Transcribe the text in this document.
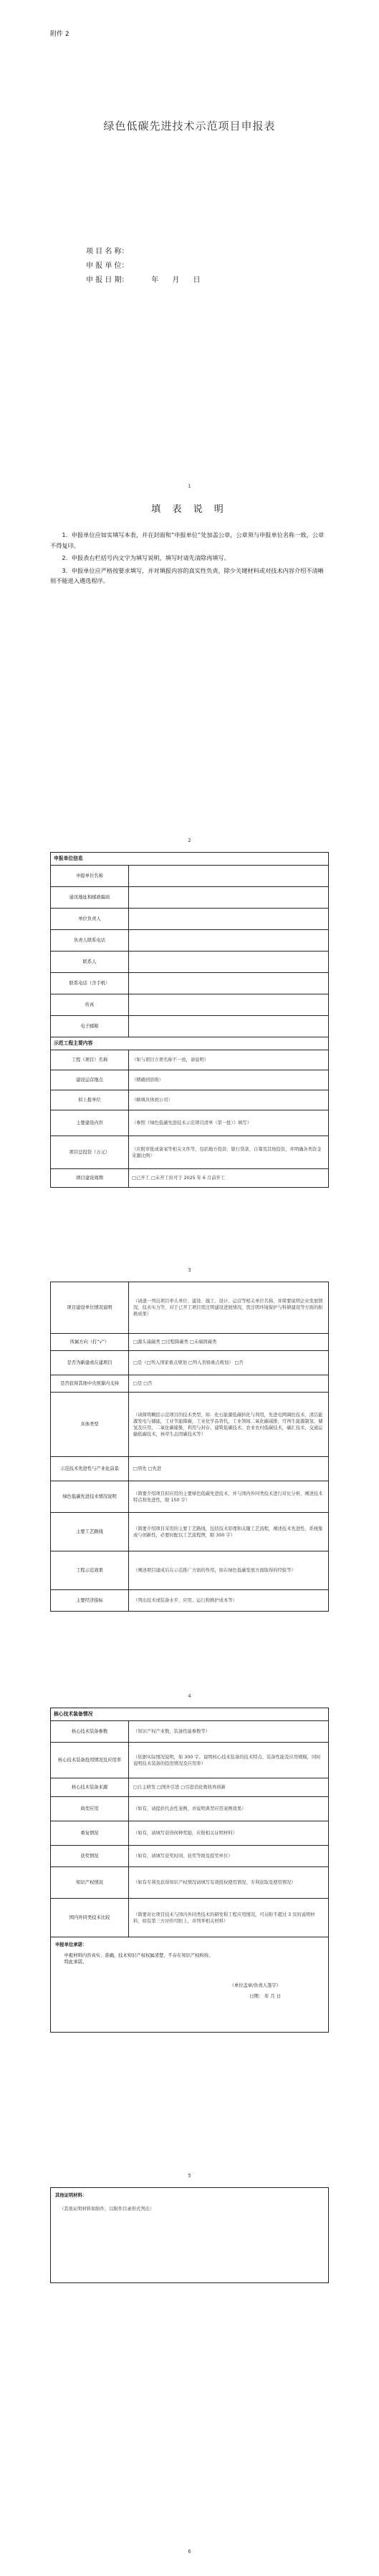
附件 2
绿色低碳先进技术示范项目申报表
项 目 名 称：
申 报 单 位：
申 报 日 期：          年      月      日
1
填 表 说 明

1．申报单位应如实填写本表，并在封面和“申报单位”处加盖公章，公章须与申报单位名称一致，公章不得复印。

2．申报表右栏括号内文字为填写说明，填写时请先清除再填写。

3．申报单位应严格按要求填写，并对填报内容的真实性负责，除少关键材料或对技术内容介绍不清晰则不能进入遴选程序。

2
申报单位信息	
申报单位名称	
通讯地址和邮政编码	
单位负责人	
负责人联系电话	
联系人	
联系电话（含手机）	
传真	
电子邮箱	
示范工程主要内容	
工程（项目）名称	（如与项目立项名称不一致，请说明）
建设运营地点	（精确到县级）
拟上报单位	（略填具体到公司）
主要建设内容	（参照《绿色低碳先进技术示范项目清单（第一批）》填写）
项目总投资（万元）	（应附审批或备案等相关文件等，包括地方投资、银行贷款、自筹及其他投资，并明确各类资金来源比例）
项目建设周期	□已开工 □未开工但可于 2025 年 6 月前开工
3
项目建设单位情况说明	（请逐一列出项目牵头单位、建设、施工、设计、运营等相关单位名称，并简要说明企业发展情况、技术实力等，对于已开工项目需注明建设进展情况，需注明环境保护与科研建设等方面的积极成果）
所属方向（打“√”）	□源头减碳类 □过程降碳类 □末端固碳类
是否为新建或在建项目	□是（□列入国家重点规划 □列入省级重点规划） □否
是否获得其他中央预算内支持	□是 □否
具体类型	（请简明概括示范项目的技术类型，如：化石能源低碳转化与利用，先进电网调控技术，清洁能源发电与储能，工业节能降碳，工业化学品替代，工业领域二氧化碳减排，可再生能源制氢、储氢及应用，二氧化碳捕集、利用与封存，建筑低碳技术，农业农村低碳技术，碳汇技术，交通运输低碳技术，林草生态固碳技术等）
示范技术先进性与产业化前景	□领先 □先进
绿色低碳先进技术情况说明	（简要介绍项目拟应用的主要绿色低碳先进技术，并与国内外同类技术进行对比分析，阐述技术特点和先进性，限 150 字）
主要工艺路线	（简要介绍项目采用的主要工艺路线，包括技术原理和关键工艺流程，阐述技术先进性、系统集成与创新性，必要时配以工艺流程图，限 300 字）
工程示范效果	（阐述项目建成后在示范推广方面的作用，如在绿色低碳发展方面取得的经验等）
主要经济指标	（列出技术或装备水平、应用、运行和维护成本等）
4
核心技术装备情况	
核心技术装备参数	（知识产权产业数、装备性能参数等）
核心技术装备投用情况及应用率	（依据实际情况说明，如 300 字。说明核心技术装备的技术特点、装备性能及应用规模，同时说明技术装备的投用情况及应用率）
核心技术装备来源	□自主研发 □国外引进 □引进消化吸收再创新
典型应用	（如有，请提供代表性案例，并说明典型应用案例效果）
重复情况	（如有，请填写获得何种奖励，应附相关证明材料）
获奖情况	（如有，请填写获奖时间、获奖等级及授奖单位）
知识产权情况	（如有专利及获得知识产权情况请填写有效授权使用情况，专利获取及使用情况）
国内外同类技术比较	（简要对比项目技术与国内外同类技术的研发和工程应用情况，可另附不超过 3 页的说明材料，如有第三方评价可附上，并列举相关材料）

申报单位承诺：
申报材料内容真实、准确，技术知识产权权属清楚，不存在知识产权纠纷。
特此承诺。
（单位盖章/负责人签字）
日期： 年 月 日	
5
其他证明材料：
（其他证明材料如附件，以附件目录形式列出）
6
